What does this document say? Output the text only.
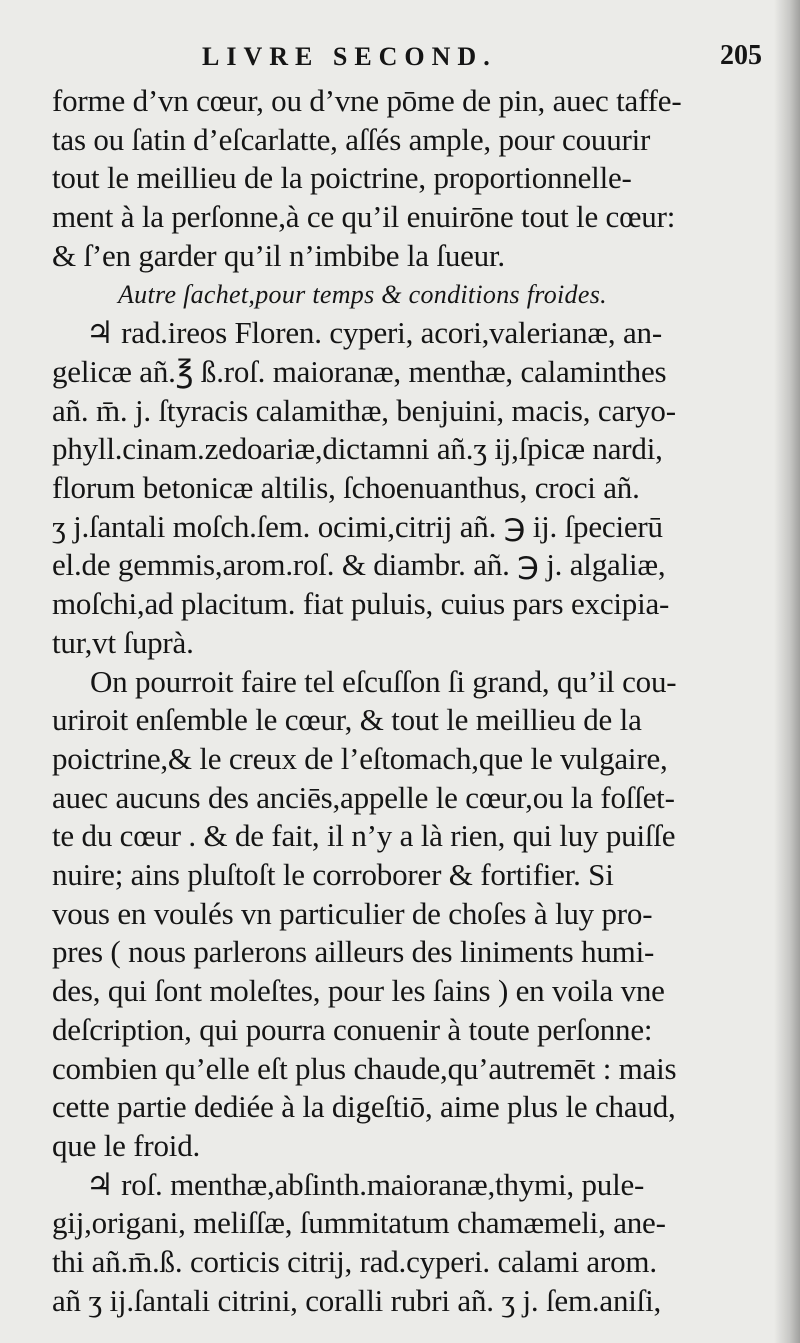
LIVRE SECOND.	205
forme d’vn cœur, ou d’vne pōme de pin, auec taffe-
tas ou ſatin d’eſcarlatte, aſſés ample, pour couurir
tout le meillieu de la poictrine, proportionnelle-
ment à la perſonne,à ce qu’il enuirōne tout le cœur:
& ſ’en garder qu’il n’imbibe la ſueur.
Autre ſachet,pour temps & conditions froides.
♃ rad.ireos Floren. cyperi, acori,valerianæ, an-
gelicæ añ.℥ ß.roſ. maioranæ, menthæ, calaminthes
añ. m̄. j. ſtyracis calamithæ, benjuini, macis, caryo-
phyll.cinam.zedoariæ,dictamni añ.ʒ ij,ſpicæ nardi,
florum betonicæ altilis, ſchoenuanthus, croci añ.
ʒ j.ſantali moſch.ſem. ocimi,citrij añ. ℈ ij. ſpecierū
el.de gemmis,arom.roſ. & diambr. añ. ℈ j. algaliæ,
moſchi,ad placitum. fiat puluis, cuius pars excipia-
tur,vt ſuprà.
On pourroit faire tel eſcuſſon ſi grand, qu’il cou-
uriroit enſemble le cœur, & tout le meillieu de la
poictrine,& le creux de l’eſtomach,que le vulgaire,
auec aucuns des anciēs,appelle le cœur,ou la foſſet-
te du cœur . & de fait, il n’y a là rien, qui luy puiſſe
nuire; ains pluſtoſt le corroborer & fortifier. Si
vous en voulés vn particulier de choſes à luy pro-
pres ( nous parlerons ailleurs des liniments humi-
des, qui ſont moleſtes, pour les ſains ) en voila vne
deſcription, qui pourra conuenir à toute perſonne:
combien qu’elle eſt plus chaude,qu’autremēt : mais
cette partie dediée à la digeſtiō, aime plus le chaud,
que le froid.
♃ roſ. menthæ,abſinth.maioranæ,thymi, pule-
gij,origani, meliſſæ, ſummitatum chamæmeli, ane-
thi añ.m̄.ß. corticis citrij, rad.cyperi. calami arom.
añ ʒ ij.ſantali citrini, coralli rubri añ. ʒ j. ſem.aniſi,
